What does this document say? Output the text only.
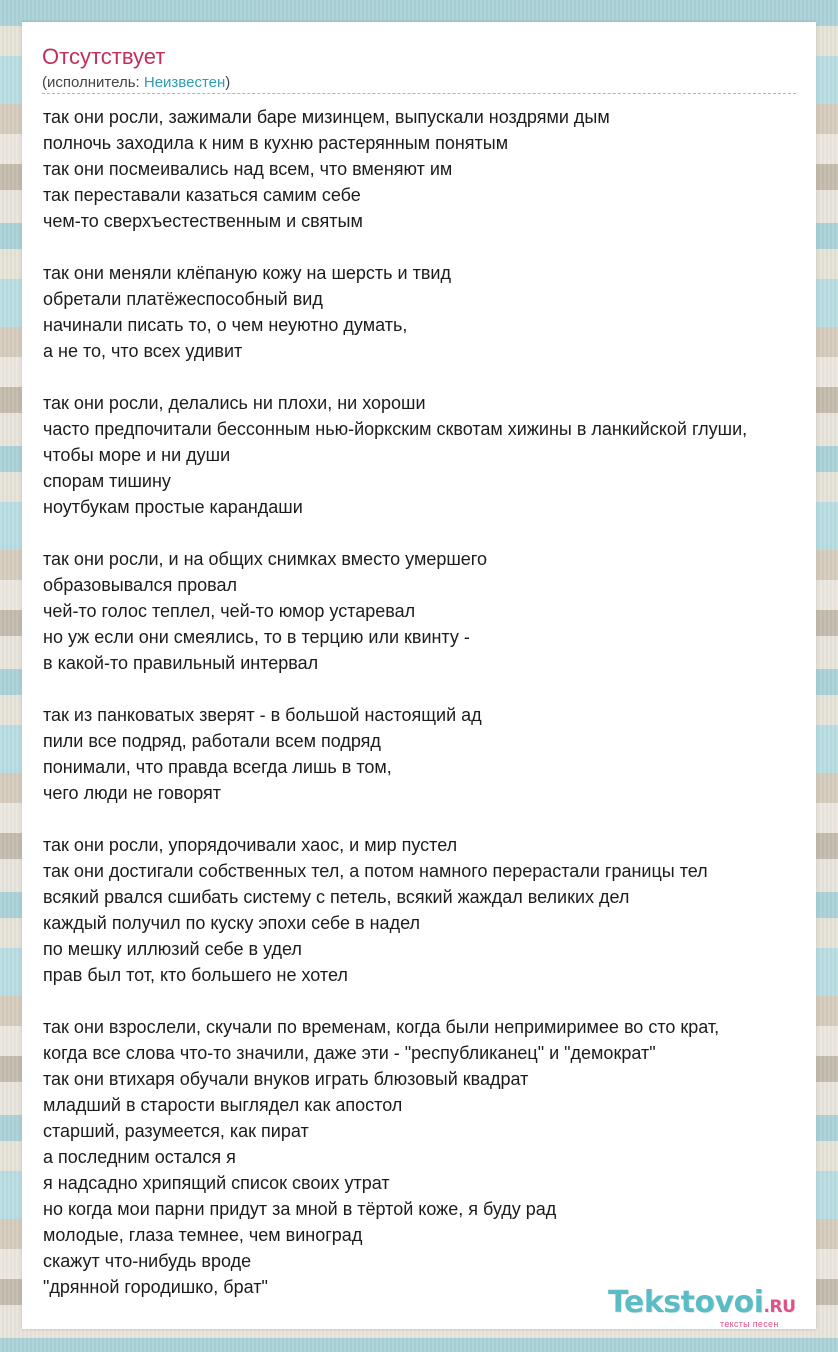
Отсутствует
(исполнитель: Неизвестен)
так они росли, зажимали баре мизинцем, выпускали ноздрями дым
полночь заходила к ним в кухню растерянным понятым
так они посмеивались над всем, что вменяют им
так переставали казаться самим себе
чем-то сверхъестественным и святым
так они меняли клёпаную кожу на шерсть и твид
обретали платёжеспособный вид
начинали писать то, о чем неуютно думать,
а не то, что всех удивит
так они росли, делались ни плохи, ни хороши
часто предпочитали бессонным нью-йоркским сквотам хижины в ланкийской глуши,
чтобы море и ни души
спорам тишину
ноутбукам простые карандаши
так они росли, и на общих снимках вместо умершего
образовывался провал
чей-то голос теплел, чей-то юмор устаревал
но уж если они смеялись, то в терцию или квинту -
в какой-то правильный интервал
так из панковатых зверят - в большой настоящий ад
пили все подряд, работали всем подряд
понимали, что правда всегда лишь в том,
чего люди не говорят
так они росли, упорядочивали хаос, и мир пустел
так они достигали собственных тел, а потом намного перерастали границы тел
всякий рвался сшибать систему с петель, всякий жаждал великих дел
каждый получил по куску эпохи себе в надел
по мешку иллюзий себе в удел
прав был тот, кто большего не хотел
так они взрослели, скучали по временам, когда были непримиримее во сто крат,
когда все слова что-то значили, даже эти - "республиканец" и "демократ"
так они втихаря обучали внуков играть блюзовый квадрат
младший в старости выглядел как апостол
старший, разумеется, как пират
а последним остался я
я надсадно хрипящий список своих утрат
но когда мои парни придут за мной в тёртой коже, я буду рад
молодые, глаза темнее, чем виноград
скажут что-нибудь вроде
"дрянной городишко, брат"	Tekstovoi.RU
тексты песен
